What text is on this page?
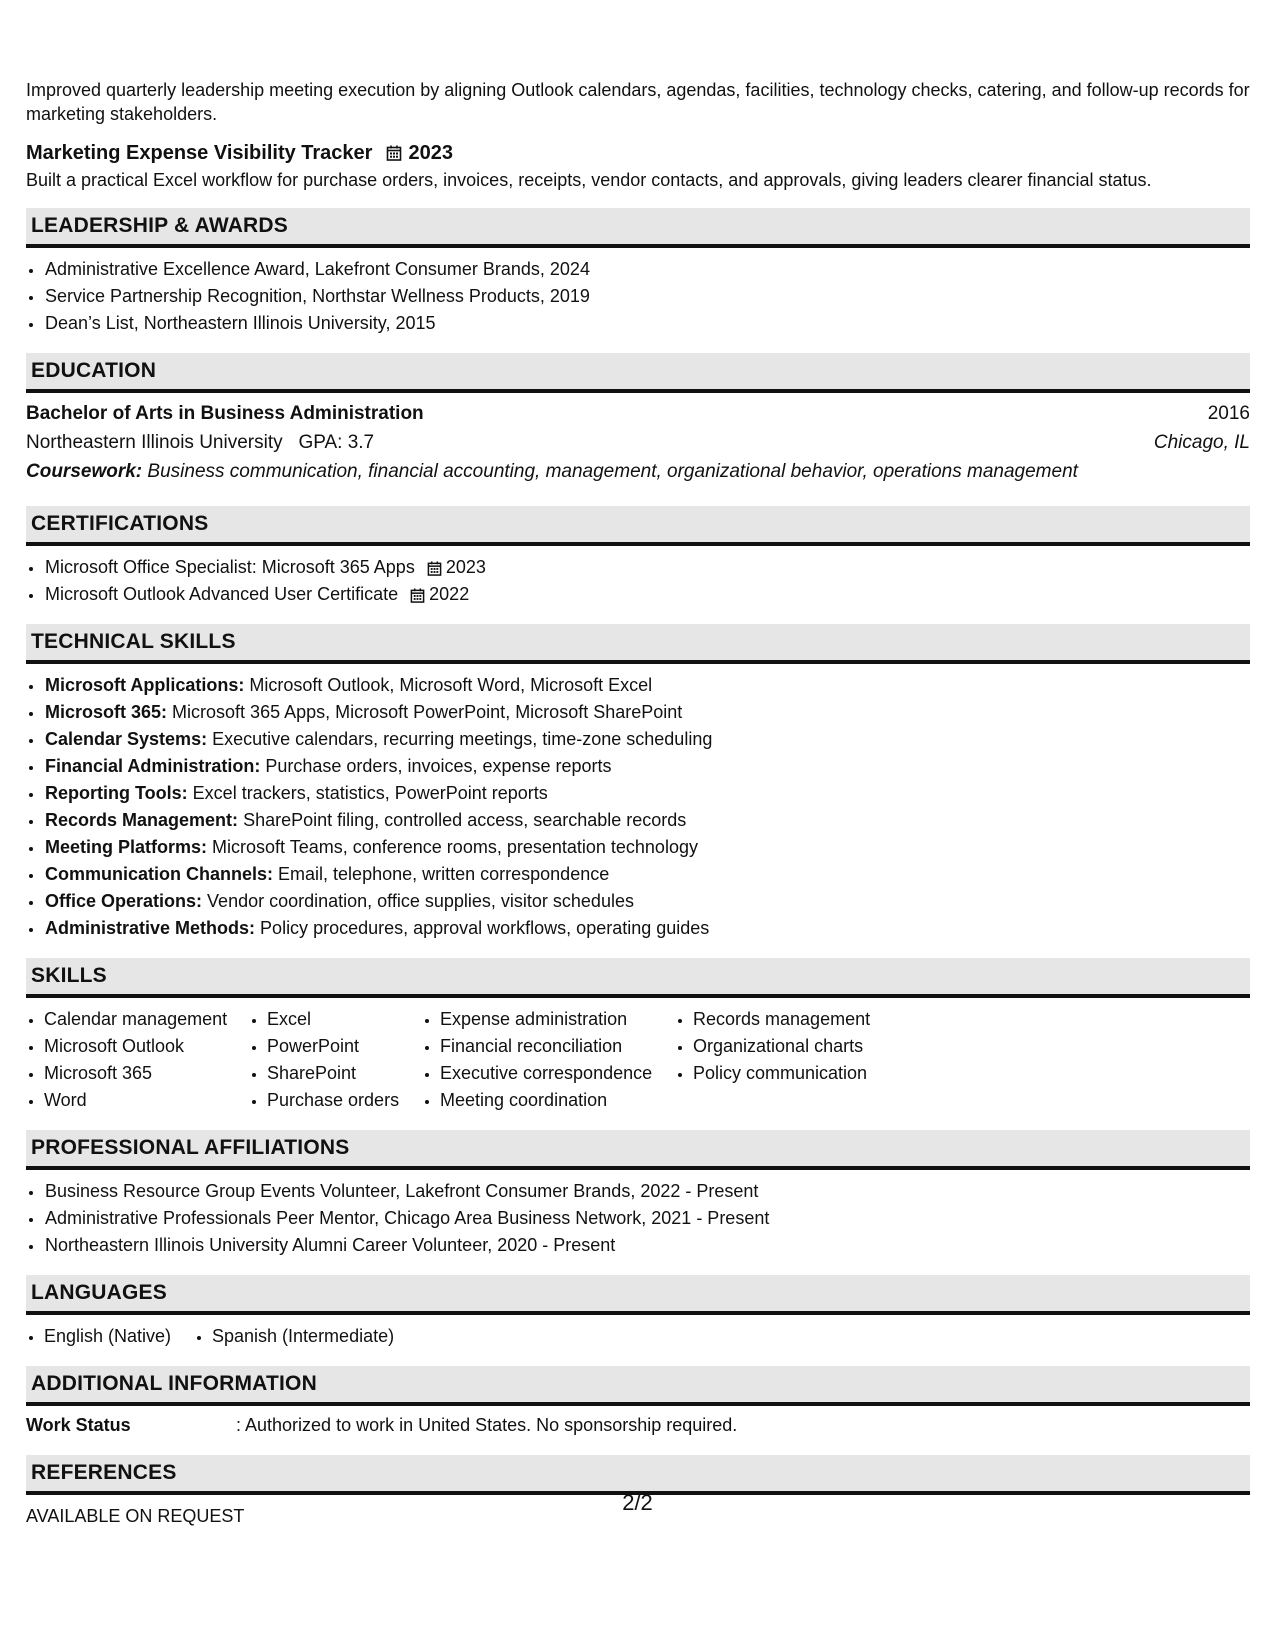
Improved quarterly leadership meeting execution by aligning Outlook calendars, agendas, facilities, technology checks, catering, and follow-up records for marketing stakeholders.

Marketing Expense Visibility Tracker 2023
Built a practical Excel workflow for purchase orders, invoices, receipts, vendor contacts, and approvals, giving leaders clearer financial status.
LEADERSHIP & AWARDS
• Administrative Excellence Award, Lakefront Consumer Brands, 2024
• Service Partnership Recognition, Northstar Wellness Products, 2019
• Dean’s List, Northeastern Illinois University, 2015
EDUCATION
Bachelor of Arts in Business Administration	2016
Northeastern Illinois University GPA: 3.7	Chicago, IL
Coursework: Business communication, financial accounting, management, organizational behavior, operations management
CERTIFICATIONS
• Microsoft Office Specialist: Microsoft 365 Apps 2023
• Microsoft Outlook Advanced User Certificate 2022
TECHNICAL SKILLS
• Microsoft Applications: Microsoft Outlook, Microsoft Word, Microsoft Excel
• Microsoft 365: Microsoft 365 Apps, Microsoft PowerPoint, Microsoft SharePoint
• Calendar Systems: Executive calendars, recurring meetings, time-zone scheduling
• Financial Administration: Purchase orders, invoices, expense reports
• Reporting Tools: Excel trackers, statistics, PowerPoint reports
• Records Management: SharePoint filing, controlled access, searchable records
• Meeting Platforms: Microsoft Teams, conference rooms, presentation technology
• Communication Channels: Email, telephone, written correspondence
• Office Operations: Vendor coordination, office supplies, visitor schedules
• Administrative Methods: Policy procedures, approval workflows, operating guides
SKILLS
• Calendar management
• Microsoft Outlook
• Microsoft 365
• Word
• Excel
• PowerPoint
• SharePoint
• Purchase orders
• Expense administration
• Financial reconciliation
• Executive correspondence
• Meeting coordination
• Records management
• Organizational charts
• Policy communication
PROFESSIONAL AFFILIATIONS
• Business Resource Group Events Volunteer, Lakefront Consumer Brands, 2022 - Present
• Administrative Professionals Peer Mentor, Chicago Area Business Network, 2021 - Present
• Northeastern Illinois University Alumni Career Volunteer, 2020 - Present
LANGUAGES
• English (Native)
•	Spanish (Intermediate)
ADDITIONAL INFORMATION
Work Status	: Authorized to work in United States. No sponsorship required.
REFERENCES
AVAILABLE ON REQUEST
2/2
